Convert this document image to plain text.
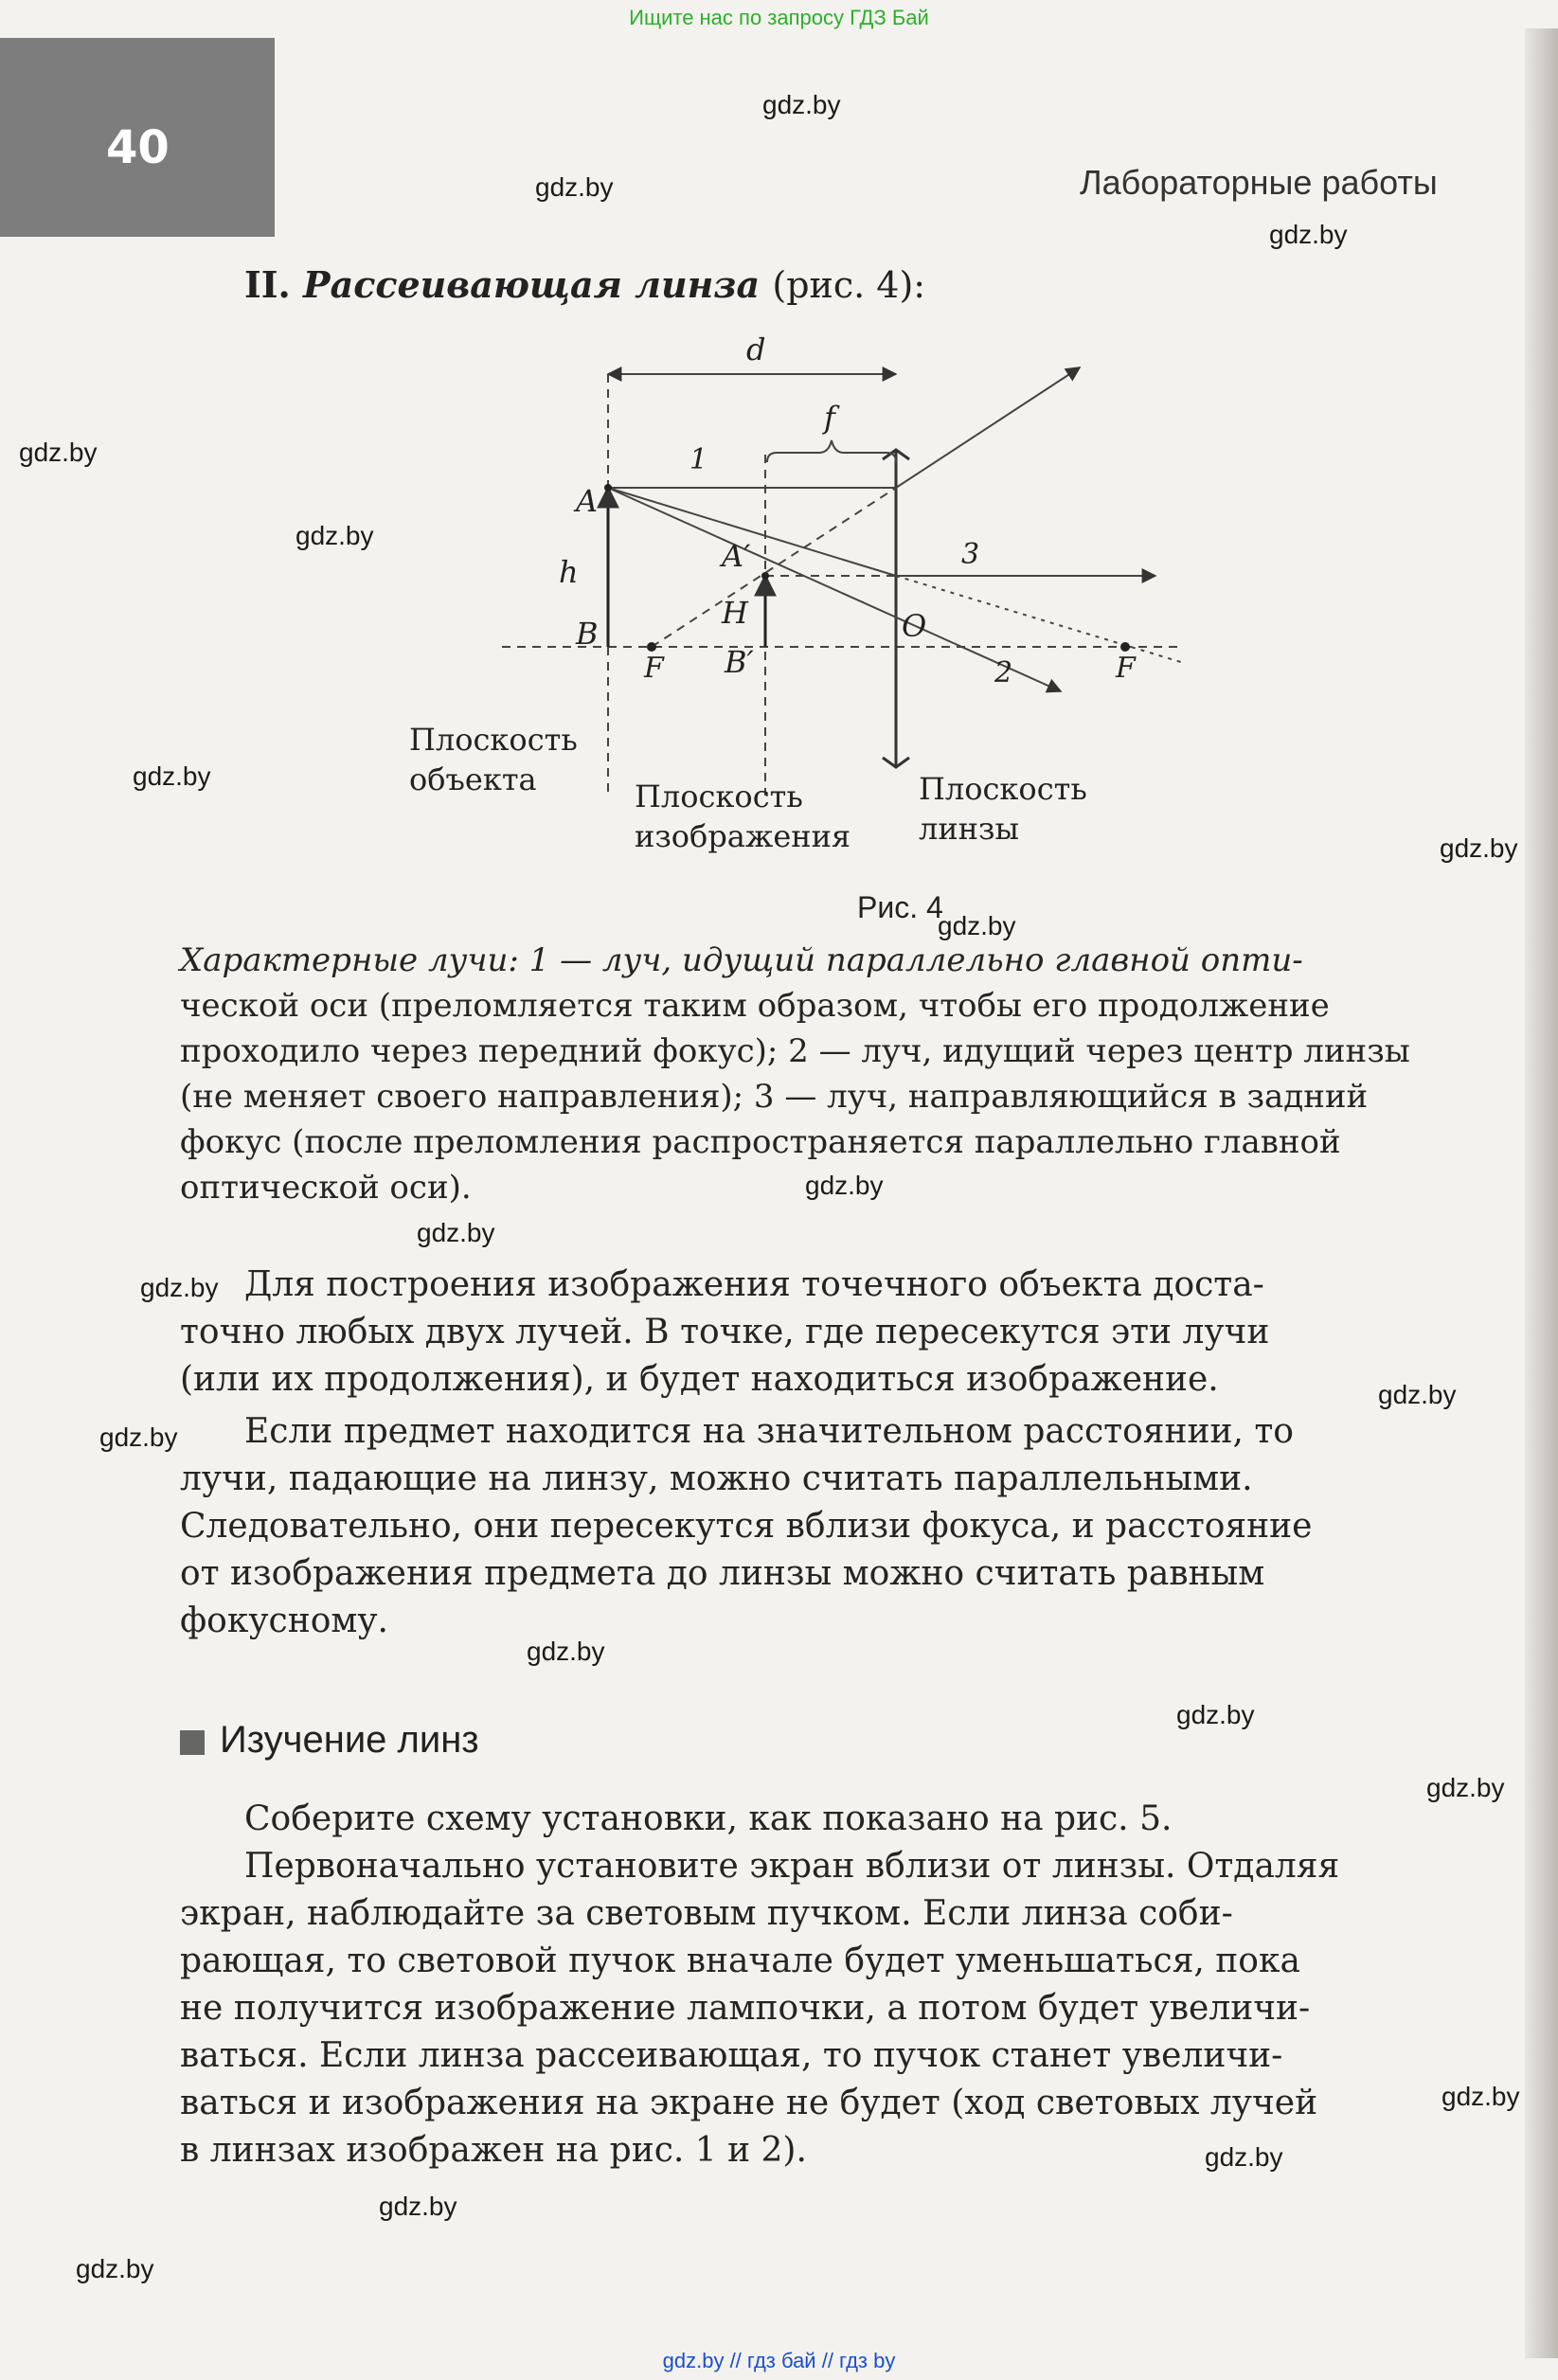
Ищите нас по запросу ГДЗ Бай
40
Лабораторные работы
gdz.by
gdz.by
gdz.by
gdz.by
gdz.by
gdz.by
gdz.by
gdz.by
gdz.by
gdz.by
gdz.by
gdz.by
gdz.by
gdz.by
gdz.by
gdz.by
gdz.by
gdz.by
gdz.by
gdz.by
II. Рассеивающая линза (рис. 4):
d
f
1
2
3
A
A′
h
H
B
B′
O
F	F
Плоскость
объекта	Плоскость
изображения
Плоскость
линзы
Рис. 4
Характерные лучи: 1 — луч, идущий параллельно главной опти-
ческой оси (преломляется таким образом, чтобы его продолжение
проходило через передний фокус); 2 — луч, идущий через центр линзы
(не меняет своего направления); 3 — луч, направляющийся в задний
фокус (после преломления распространяется параллельно главной
оптической оси).
Для построения изображения точечного объекта доста-
точно любых двух лучей. В точке, где пересекутся эти лучи
(или их продолжения), и будет находиться изображение.
Если предмет находится на значительном расстоянии, то
лучи, падающие на линзу, можно считать параллельными.
Следовательно, они пересекутся вблизи фокуса, и расстояние
от изображения предмета до линзы можно считать равным
фокусному.
Изучение линз
Соберите схему установки, как показано на рис. 5.
Первоначально установите экран вблизи от линзы. Отдаляя
экран, наблюдайте за световым пучком. Если линза соби-
рающая, то световой пучок вначале будет уменьшаться, пока
не получится изображение лампочки, а потом будет увеличи-
ваться. Если линза рассеивающая, то пучок станет увеличи-
ваться и изображения на экране не будет (ход световых лучей
в линзах изображен на рис. 1 и 2).
gdz.by // гдз бай // гдз by
